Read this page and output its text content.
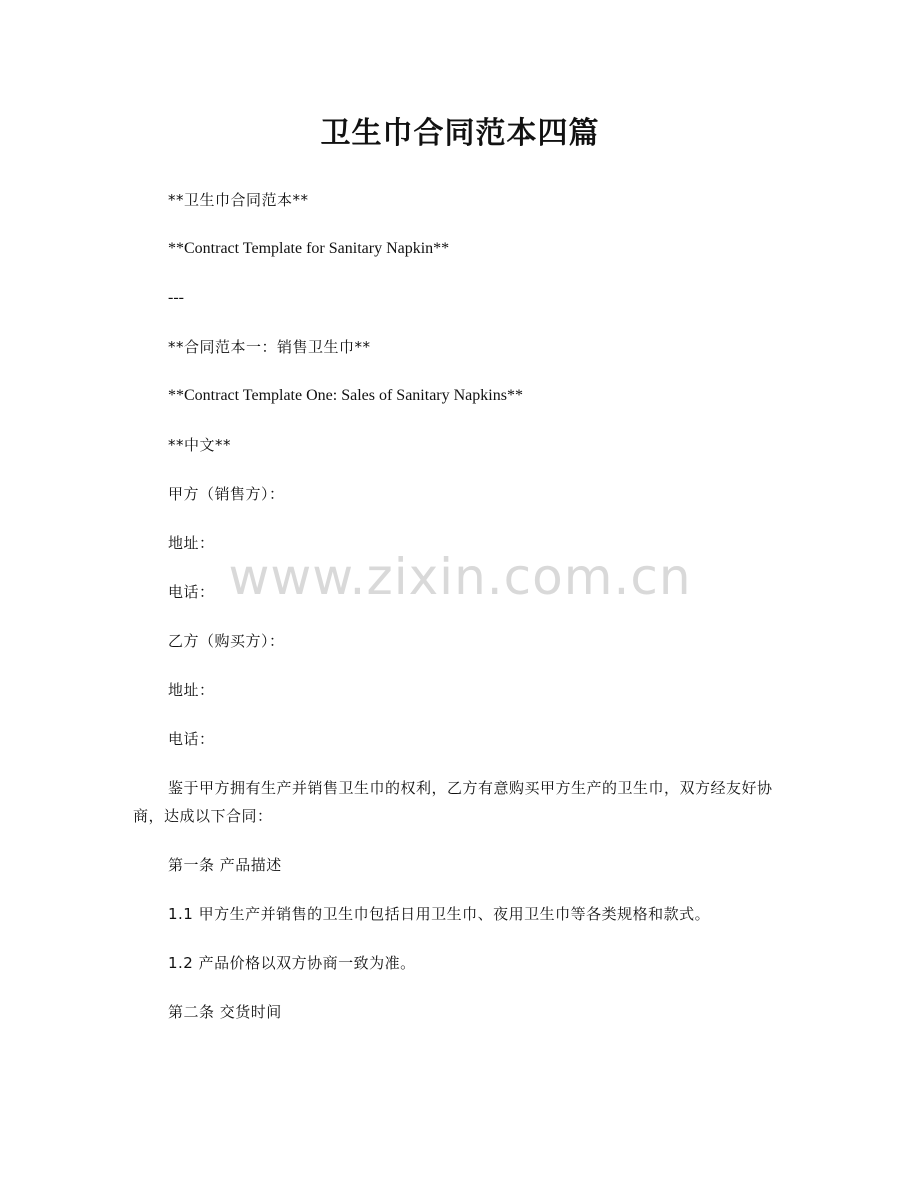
卫生巾合同范本四篇

**卫生巾合同范本**

**Contract Template for Sanitary Napkin**

---

**合同范本一：销售卫生巾**

**Contract Template One: Sales of Sanitary Napkins**

**中文**

甲方（销售方）：

地址：

电话：

乙方（购买方）：

地址：

电话：

鉴于甲方拥有生产并销售卫生巾的权利，乙方有意购买甲方生产的卫生巾，双方经友好协商，达成以下合同：

第一条 产品描述

1.1 甲方生产并销售的卫生巾包括日用卫生巾、夜用卫生巾等各类规格和款式。

1.2 产品价格以双方协商一致为准。

第二条 交货时间

www.zixin.com.cn
